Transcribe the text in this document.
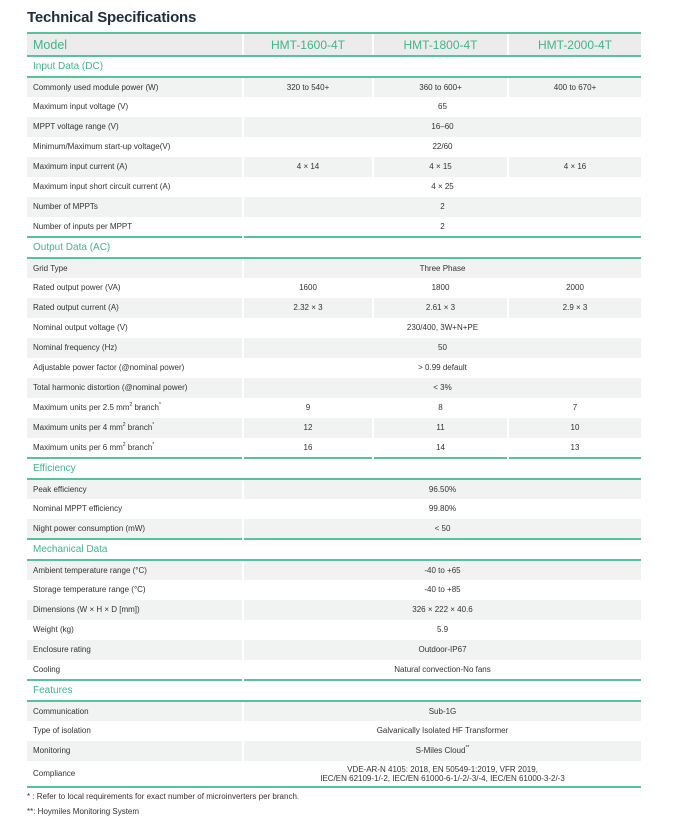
Technical Specifications
Model	HMT-1600-4T	HMT-1800-4T	HMT-2000-4T
Input Data (DC)			
Commonly used module power (W)	320 to 540+	360 to 600+	400 to 670+
Maximum input voltage (V)	65		
MPPT voltage range (V)	16–60		
Minimum/Maximum start-up voltage(V)	22/60		
Maximum input current (A)	4 × 14	4 × 15	4 × 16
Maximum input short circuit current (A)	4 × 25		
Number of MPPTs	2		
Number of inputs per MPPT	2		
Output Data (AC)			
Grid Type	Three Phase		
Rated output power (VA)	1600	1800	2000
Rated output current (A)	2.32 × 3	2.61 × 3	2.9 × 3
Nominal output voltage (V)	230/400, 3W+N+PE		
Nominal frequency (Hz)	50		
Adjustable power factor (@nominal power)	> 0.99 default		
Total harmonic distortion (@nominal power)	< 3%		
Maximum units per 2.5 $mm^2$ branch*	9	8	7
Maximum units per 4 $mm^2$ branch*	12	11	10
Maximum units per 6 $mm^2$ branch*	16	14	13
Efficiency			
Peak efficiency	96.50%		
Nominal MPPT efficiency	99.80%		
Night power consumption (mW)	< 50		
Mechanical Data			
Ambient temperature range (°C)	-40 to +65		
Storage temperature range (°C)	-40 to +85		
Dimensions (W × H × D [mm])	326 × 222 × 40.6		
Weight (kg)	5.9		
Enclosure rating	Outdoor-IP67		
Cooling	Natural convection-No fans		
Features			
Communication	Sub-1G		
Type of isolation	Galvanically Isolated HF Transformer		
Monitoring	S-Miles Cloud**
Compliance	VDE-AR-N 4105: 2018, EN 50549-1:2019, VFR 2019,
IEC/EN 62109-1/-2, IEC/EN 61000-6-1/-2/-3/-4, IEC/EN 61000-3-2/-3		
* : Refer to local requirements for exact number of microinverters per branch.
**: Hoymiles Monitoring System
